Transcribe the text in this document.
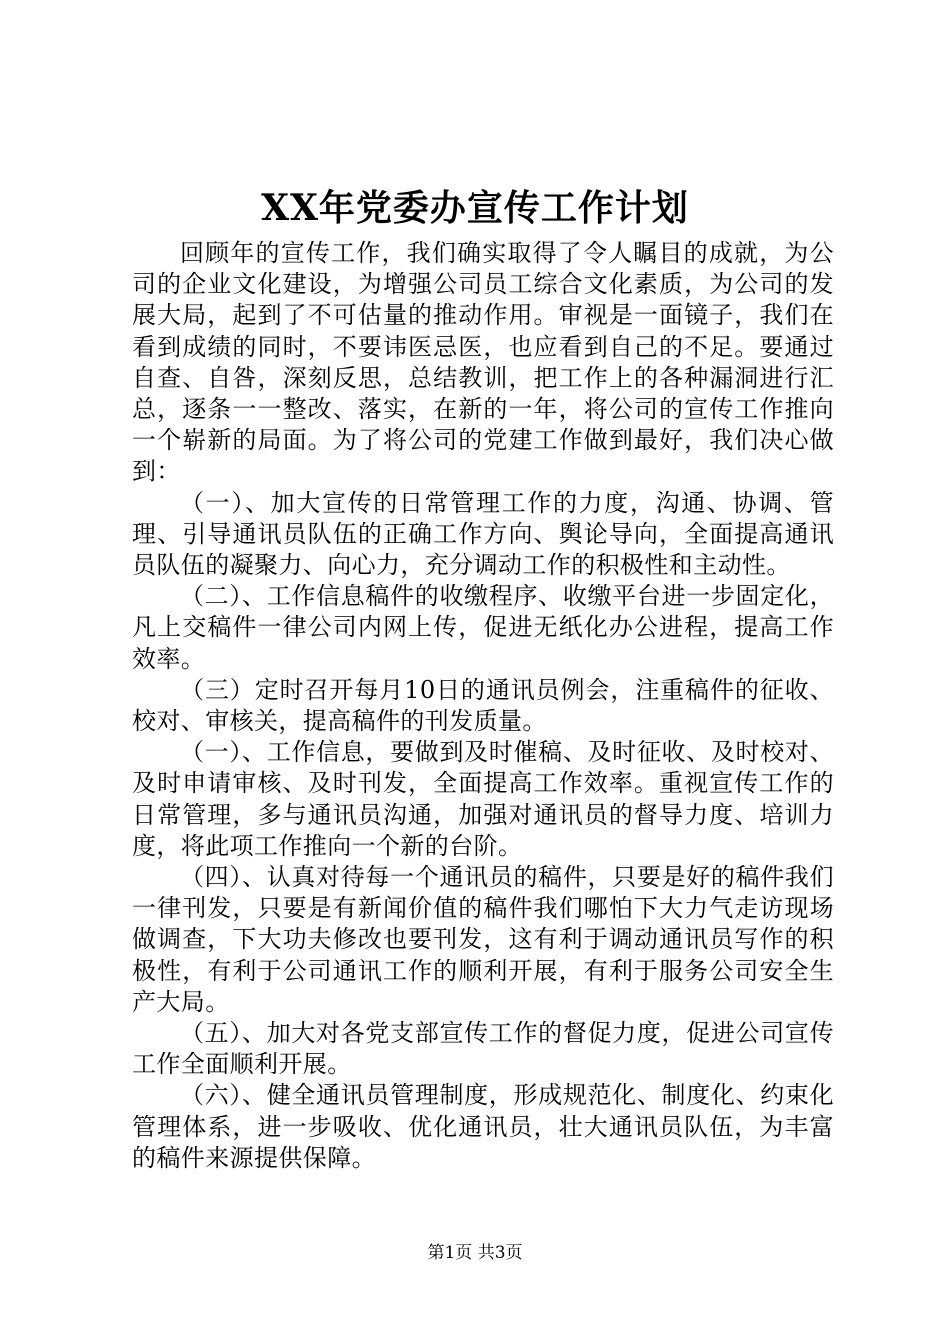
XX年党委办宣传工作计划

回顾年的宣传工作，我们确实取得了令人瞩目的成就，为公司的企业文化建设，为增强公司员工综合文化素质，为公司的发展大局，起到了不可估量的推动作用。审视是一面镜子，我们在看到成绩的同时，不要讳医忌医，也应看到自己的不足。要通过自查、自咎，深刻反思，总结教训，把工作上的各种漏洞进行汇总，逐条一一整改、落实，在新的一年，将公司的宣传工作推向一个崭新的局面。为了将公司的党建工作做到最好，我们决心做到：

（一）、加大宣传的日常管理工作的力度，沟通、协调、管理、引导通讯员队伍的正确工作方向、舆论导向，全面提高通讯员队伍的凝聚力、向心力，充分调动工作的积极性和主动性。

（二）、工作信息稿件的收缴程序、收缴平台进一步固定化，凡上交稿件一律公司内网上传，促进无纸化办公进程，提高工作效率。

（三）定时召开每月10日的通讯员例会，注重稿件的征收、校对、审核关，提高稿件的刊发质量。

（一）、工作信息，要做到及时催稿、及时征收、及时校对、及时申请审核、及时刊发，全面提高工作效率。重视宣传工作的日常管理，多与通讯员沟通，加强对通讯员的督导力度、培训力度，将此项工作推向一个新的台阶。

（四）、认真对待每一个通讯员的稿件，只要是好的稿件我们一律刊发，只要是有新闻价值的稿件我们哪怕下大力气走访现场做调查，下大功夫修改也要刊发，这有利于调动通讯员写作的积极性，有利于公司通讯工作的顺利开展，有利于服务公司安全生产大局。

（五）、加大对各党支部宣传工作的督促力度，促进公司宣传工作全面顺利开展。

（六）、健全通讯员管理制度，形成规范化、制度化、约束化管理体系，进一步吸收、优化通讯员，壮大通讯员队伍，为丰富的稿件来源提供保障。

第1页 共3页
